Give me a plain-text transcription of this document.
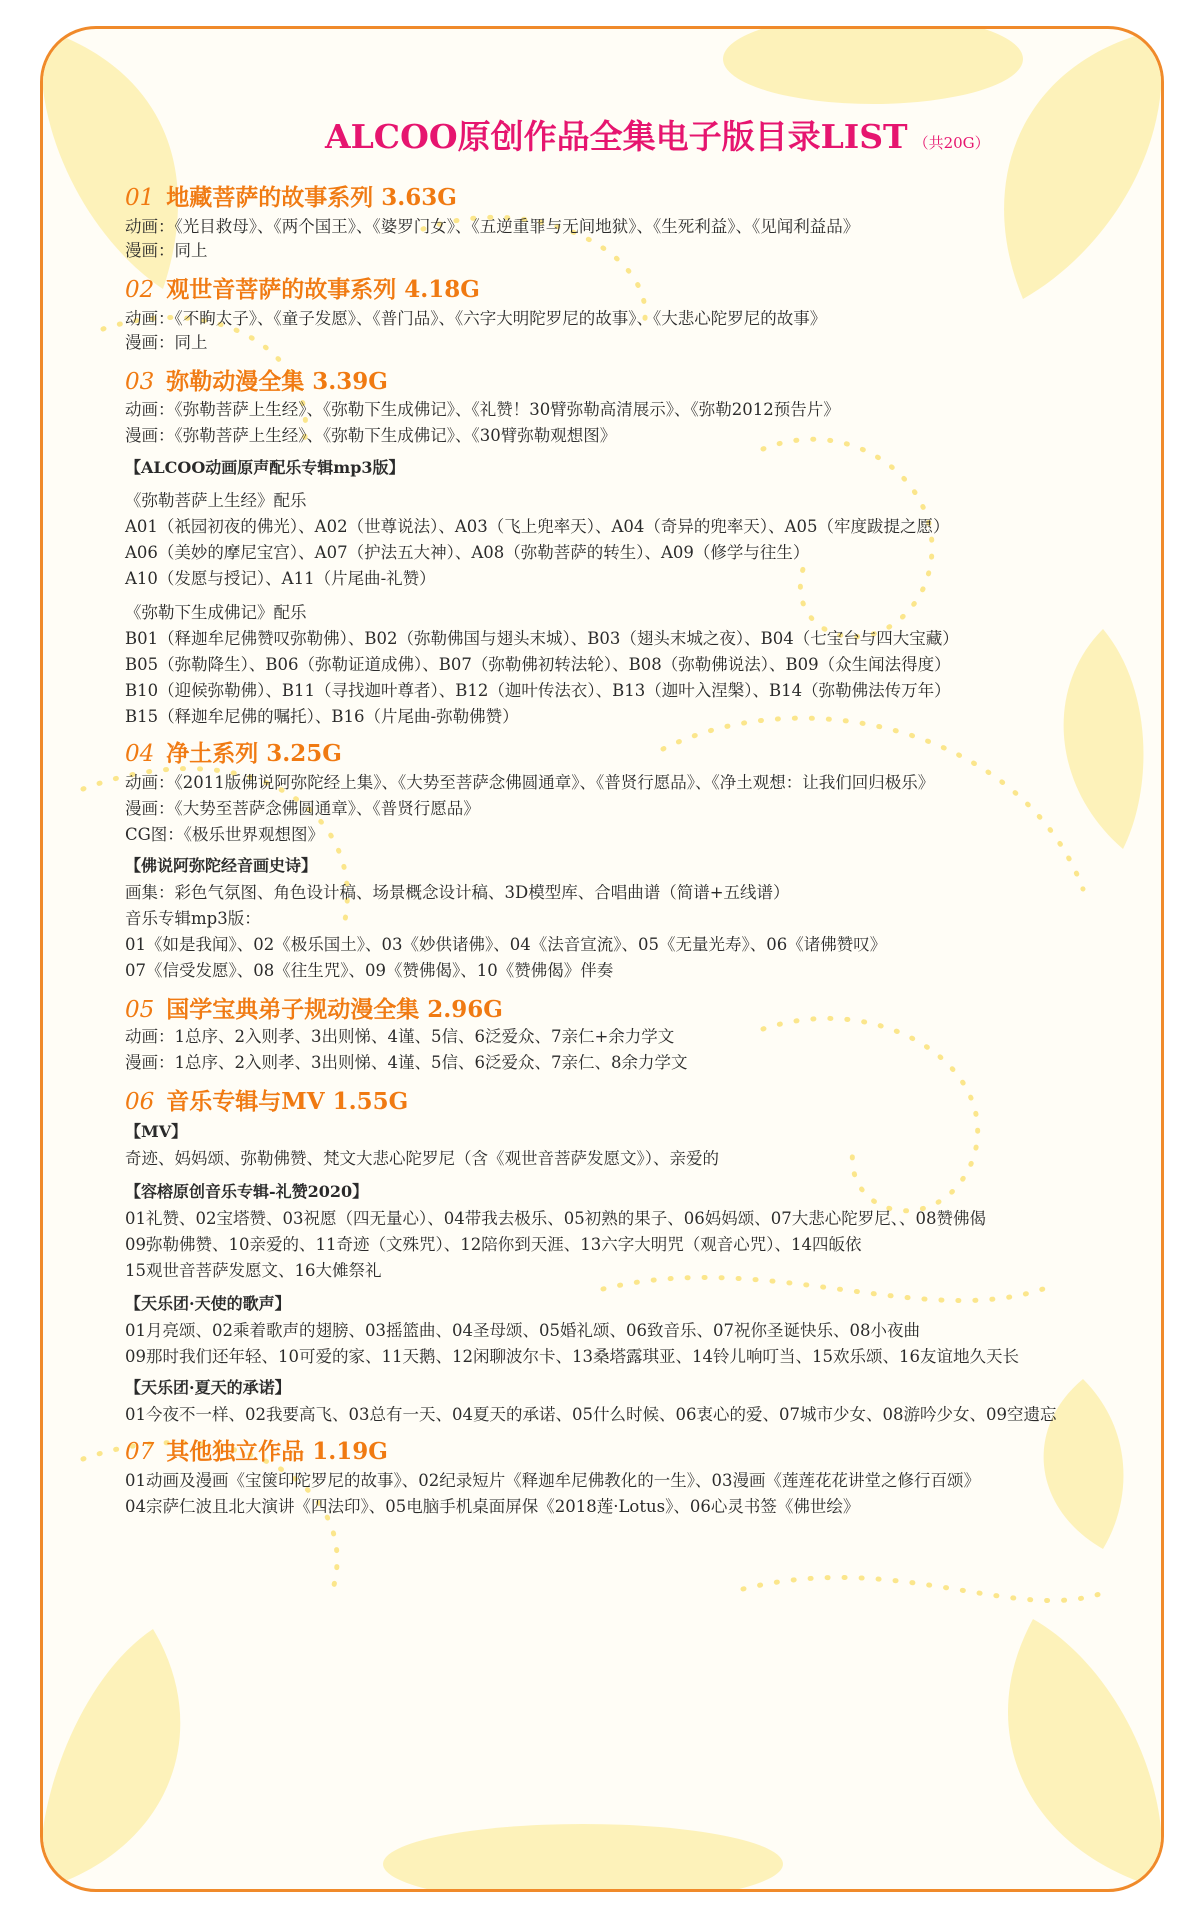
ALCOO原创作品全集电子版目录LIST （共20G）

01 地藏菩萨的故事系列 3.63G

动画：《光目救母》、《两个国王》、《婆罗门女》、《五逆重罪与无间地狱》、《生死利益》、《见闻利益品》

漫画：同上

02 观世音菩萨的故事系列 4.18G

动画：《不眴太子》、《童子发愿》、《普门品》、《六字大明陀罗尼的故事》、《大悲心陀罗尼的故事》

漫画：同上

03 弥勒动漫全集 3.39G

动画：《弥勒菩萨上生经》、《弥勒下生成佛记》、《礼赞！30臂弥勒高清展示》、《弥勒2012预告片》

漫画：《弥勒菩萨上生经》、《弥勒下生成佛记》、《30臂弥勒观想图》

【ALCOO动画原声配乐专辑mp3版】

《弥勒菩萨上生经》配乐

A01（祇园初夜的佛光）、A02（世尊说法）、A03（飞上兜率天）、A04（奇异的兜率天）、A05（牢度跋提之愿）

A06（美妙的摩尼宝宫）、A07（护法五大神）、A08（弥勒菩萨的转生）、A09（修学与往生）

A10（发愿与授记）、A11（片尾曲-礼赞）

《弥勒下生成佛记》配乐

B01（释迦牟尼佛赞叹弥勒佛）、B02（弥勒佛国与翅头末城）、B03（翅头末城之夜）、B04（七宝台与四大宝藏）

B05（弥勒降生）、B06（弥勒证道成佛）、B07（弥勒佛初转法轮）、B08（弥勒佛说法）、B09（众生闻法得度）

B10（迎候弥勒佛）、B11（寻找迦叶尊者）、B12（迦叶传法衣）、B13（迦叶入涅槃）、B14（弥勒佛法传万年）

B15（释迦牟尼佛的嘱托）、B16（片尾曲-弥勒佛赞）

04 净土系列 3.25G

动画：《2011版佛说阿弥陀经上集》、《大势至菩萨念佛圆通章》、《普贤行愿品》、《净土观想：让我们回归极乐》

漫画：《大势至菩萨念佛圆通章》、《普贤行愿品》

CG图：《极乐世界观想图》

【佛说阿弥陀经音画史诗】

画集：彩色气氛图、角色设计稿、场景概念设计稿、3D模型库、合唱曲谱（简谱+五线谱）

音乐专辑mp3版：

01《如是我闻》、02《极乐国土》、03《妙供诸佛》、04《法音宣流》、05《无量光寿》、06《诸佛赞叹》

07《信受发愿》、08《往生咒》、09《赞佛偈》、10《赞佛偈》伴奏

05 国学宝典弟子规动漫全集 2.96G

动画：1总序、2入则孝、3出则悌、4谨、5信、6泛爱众、7亲仁+余力学文

漫画：1总序、2入则孝、3出则悌、4谨、5信、6泛爱众、7亲仁、8余力学文

06 音乐专辑与MV 1.55G

【MV】

奇迹、妈妈颂、弥勒佛赞、梵文大悲心陀罗尼（含《观世音菩萨发愿文》）、亲爱的

【容榕原创音乐专辑-礼赞2020】

01礼赞、02宝塔赞、03祝愿（四无量心）、04带我去极乐、05初熟的果子、06妈妈颂、07大悲心陀罗尼、、08赞佛偈

09弥勒佛赞、10亲爱的、11奇迹（文殊咒）、12陪你到天涯、13六字大明咒（观音心咒）、14四皈依

15观世音菩萨发愿文、16大傩祭礼

【天乐团·天使的歌声】

01月亮颂、02乘着歌声的翅膀、03摇篮曲、04圣母颂、05婚礼颂、06致音乐、07祝你圣诞快乐、08小夜曲

09那时我们还年轻、10可爱的家、11天鹅、12闲聊波尔卡、13桑塔露琪亚、14铃儿响叮当、15欢乐颂、16友谊地久天长

【天乐团·夏天的承诺】

01今夜不一样、02我要高飞、03总有一天、04夏天的承诺、05什么时候、06衷心的爱、07城市少女、08游吟少女、09空遗忘

07 其他独立作品 1.19G

01动画及漫画《宝箧印陀罗尼的故事》、02纪录短片《释迦牟尼佛教化的一生》、03漫画《莲莲花花讲堂之修行百颂》

04宗萨仁波且北大演讲《四法印》、05电脑手机桌面屏保《2018莲·Lotus》、06心灵书签《佛世绘》
